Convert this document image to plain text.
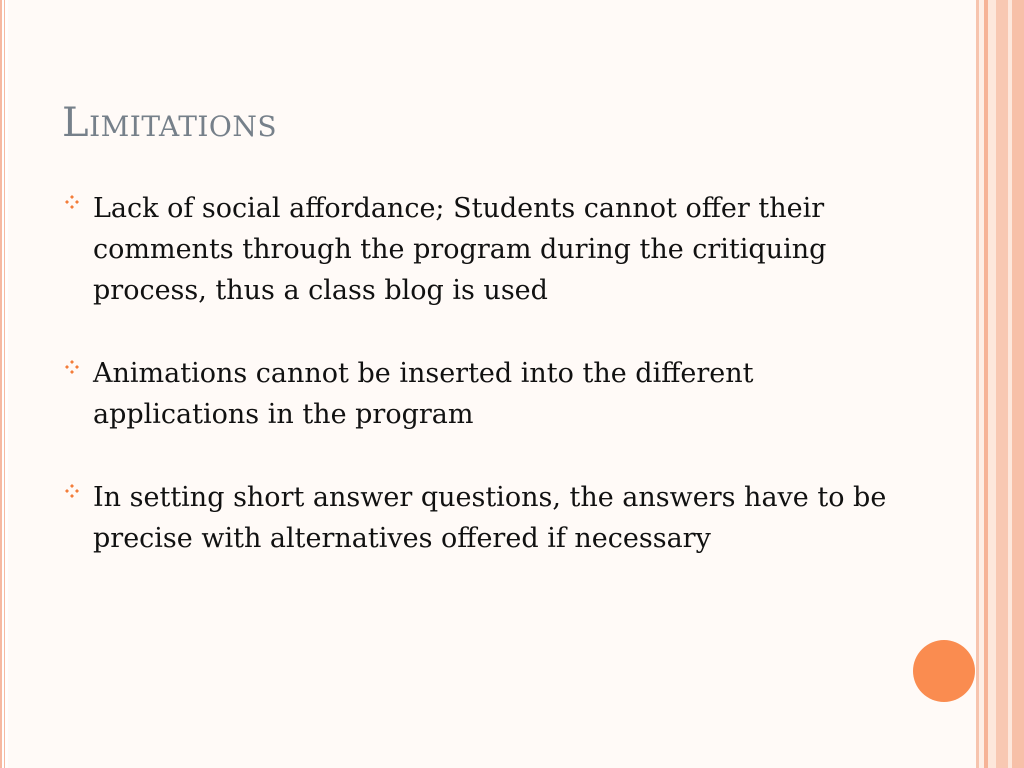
Limitations
Lack of social affordance; Students cannot offer their comments through the program during the critiquing process, thus a class blog is used
Animations cannot be inserted into the different applications in the program
In setting short answer questions, the answers have to be precise with alternatives offered if necessary
